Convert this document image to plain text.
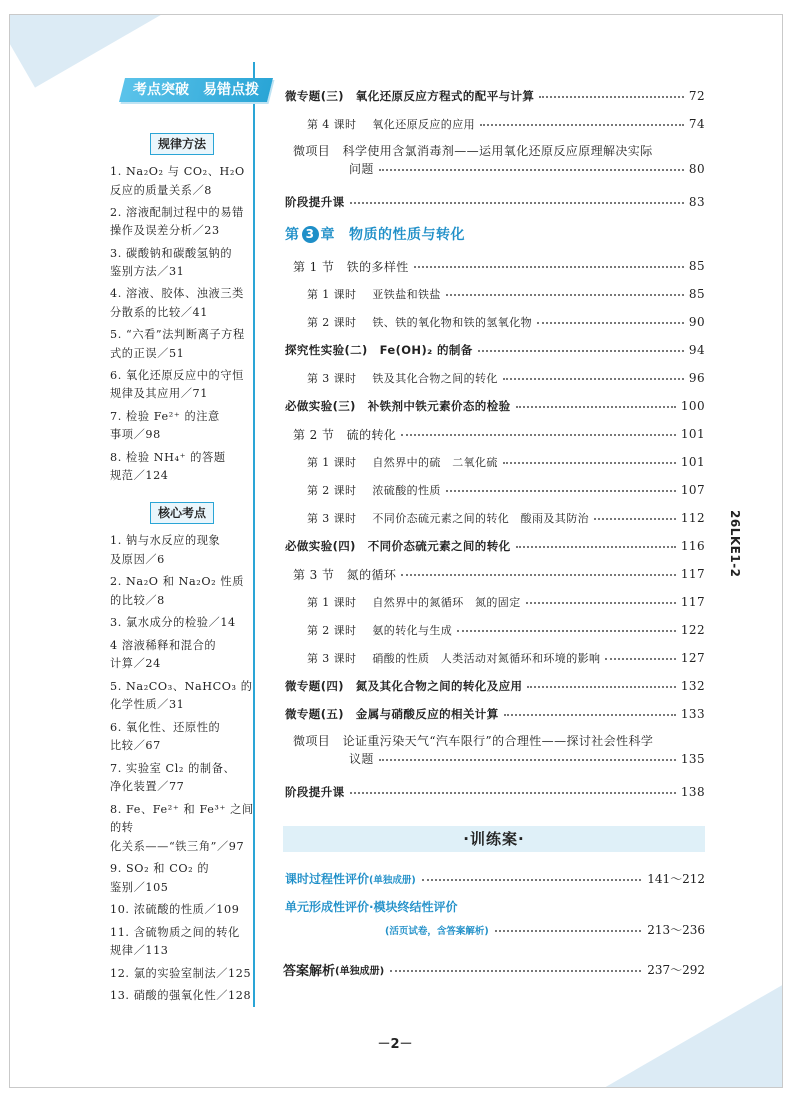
考点突破　易错点拨
规律方法
1. Na₂O₂ 与 CO₂、H₂O
反应的质量关系／8
2. 溶液配制过程中的易错
操作及误差分析／23
3. 碳酸钠和碳酸氢钠的
鉴别方法／31
4. 溶液、胶体、浊液三类
分散系的比较／41
5. “六看”法判断离子方程
式的正误／51
6. 氧化还原反应中的守恒
规律及其应用／71
7. 检验 Fe²⁺ 的注意
事项／98
8. 检验 NH₄⁺ 的答题
规范／124
核心考点
1. 钠与水反应的现象
及原因／6
2. Na₂O 和 Na₂O₂ 性质
的比较／8
3. 氯水成分的检验／14
4 溶液稀释和混合的
计算／24
5. Na₂CO₃、NaHCO₃ 的
化学性质／31
6. 氧化性、还原性的
比较／67
7. 实验室 Cl₂ 的制备、
净化装置／77
8. Fe、Fe²⁺ 和 Fe³⁺ 之间的转
化关系——“铁三角”／97
9. SO₂ 和 CO₂ 的
鉴别／105
10. 浓硫酸的性质／109
11. 含硫物质之间的转化
规律／113
12. 氯的实验室制法／125
13. 硝酸的强氧化性／128
微专题(三)　氧化还原反应方程式的配平与计算	72
第 4 课时 氧化还原反应的应用	74
微项目　科学使用含氯消毒剂——运用氧化还原反应原理解决实际
问题	80
阶段提升课	83
第 3 章 物质的性质与转化
第 1 节　铁的多样性	85
第 1 课时 亚铁盐和铁盐	85
第 2 课时 铁、铁的氧化物和铁的氢氧化物	90
探究性实验(二)　Fe(OH)₂ 的制备	94
第 3 课时 铁及其化合物之间的转化	96
必做实验(三)　补铁剂中铁元素价态的检验	100
第 2 节　硫的转化	101
第 1 课时 自然界中的硫　二氧化硫	101
第 2 课时 浓硫酸的性质	107
第 3 课时 不同价态硫元素之间的转化　酸雨及其防治	112
必做实验(四)　不同价态硫元素之间的转化	116
第 3 节　氮的循环	117
第 1 课时 自然界中的氮循环　氮的固定	117
第 2 课时 氨的转化与生成	122
第 3 课时 硝酸的性质　人类活动对氮循环和环境的影响	127
微专题(四)　氮及其化合物之间的转化及应用	132
微专题(五)　金属与硝酸反应的相关计算	133
微项目　论证重污染天气“汽车限行”的合理性——探讨社会性科学
议题	135
阶段提升课	138
·训练案·
课时过程性评价 (单独成册)	141～212
单元形成性评价·模块终结性评价
(活页试卷，含答案解析)	213～236
答案解析 (单独成册)	237～292
26LKE1-2
－2－
